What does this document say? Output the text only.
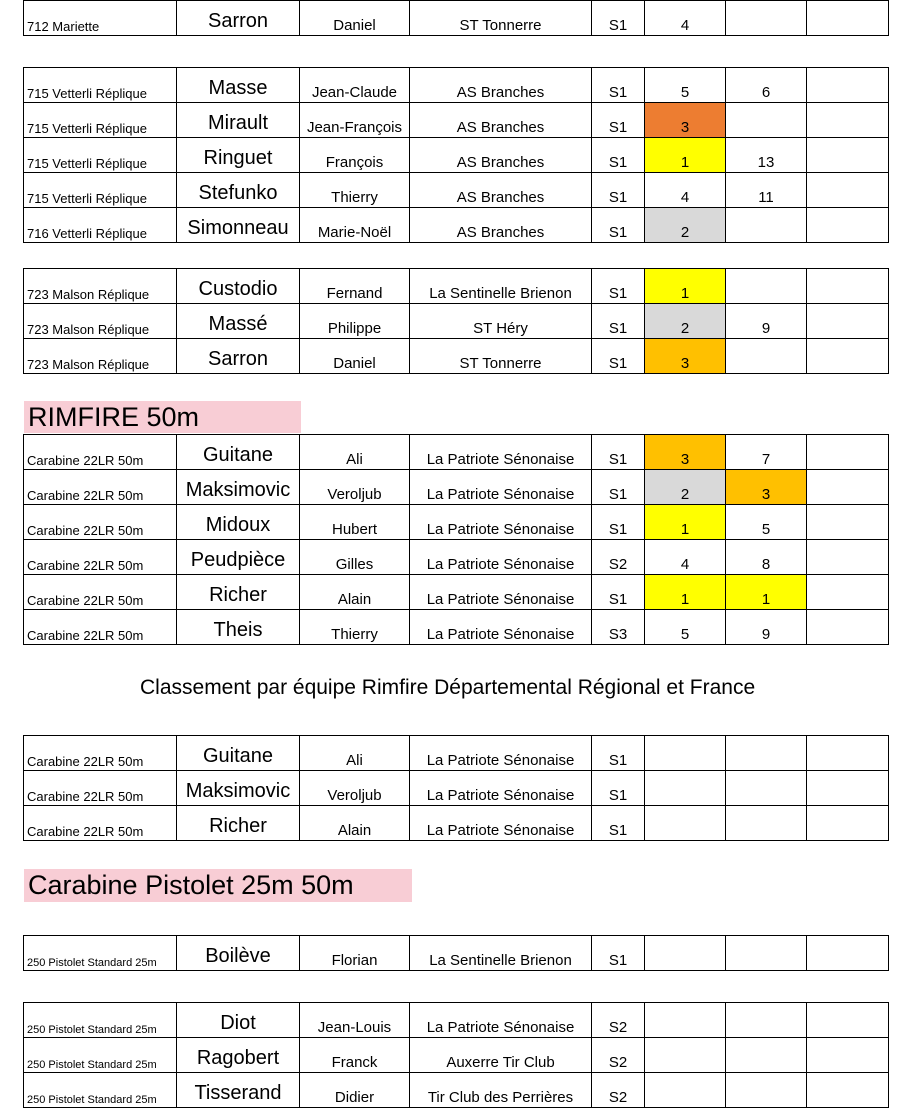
712 Mariette	Sarron	Daniel	ST Tonnerre	S1	4		
715 Vetterli Réplique	Masse	Jean-Claude	AS Branches	S1	5	6	
715 Vetterli Réplique	Mirault	Jean-François	AS Branches	S1	3		
715 Vetterli Réplique	Ringuet	François	AS Branches	S1	1	13	
715 Vetterli Réplique	Stefunko	Thierry	AS Branches	S1	4	11	
716 Vetterli Réplique	Simonneau	Marie-Noël	AS Branches	S1	2		
723 Malson Réplique	Custodio	Fernand	La Sentinelle Brienon	S1	1		
723 Malson Réplique	Massé	Philippe	ST Héry	S1	2	9	
723 Malson Réplique	Sarron	Daniel	ST Tonnerre	S1	3		
RIMFIRE 50m
Carabine 22LR 50m	Guitane	Ali	La Patriote Sénonaise	S1	3	7	
Carabine 22LR 50m	Maksimovic	Veroljub	La Patriote Sénonaise	S1	2	3	
Carabine 22LR 50m	Midoux	Hubert	La Patriote Sénonaise	S1	1	5	
Carabine 22LR 50m	Peudpièce	Gilles	La Patriote Sénonaise	S2	4	8	
Carabine 22LR 50m	Richer	Alain	La Patriote Sénonaise	S1	1	1	
Carabine 22LR 50m	Theis	Thierry	La Patriote Sénonaise	S3	5	9	
Classement par équipe Rimfire Départemental Régional et France
Carabine 22LR 50m	Guitane	Ali	La Patriote Sénonaise	S1			
Carabine 22LR 50m	Maksimovic	Veroljub	La Patriote Sénonaise	S1			
Carabine 22LR 50m	Richer	Alain	La Patriote Sénonaise	S1			
Carabine Pistolet 25m 50m
250 Pistolet Standard 25m	Boilève	Florian	La Sentinelle Brienon	S1			
250 Pistolet Standard 25m	Diot	Jean-Louis	La Patriote Sénonaise	S2			
250 Pistolet Standard 25m	Ragobert	Franck	Auxerre Tir Club	S2			
250 Pistolet Standard 25m	Tisserand	Didier	Tir Club des Perrières	S2			
